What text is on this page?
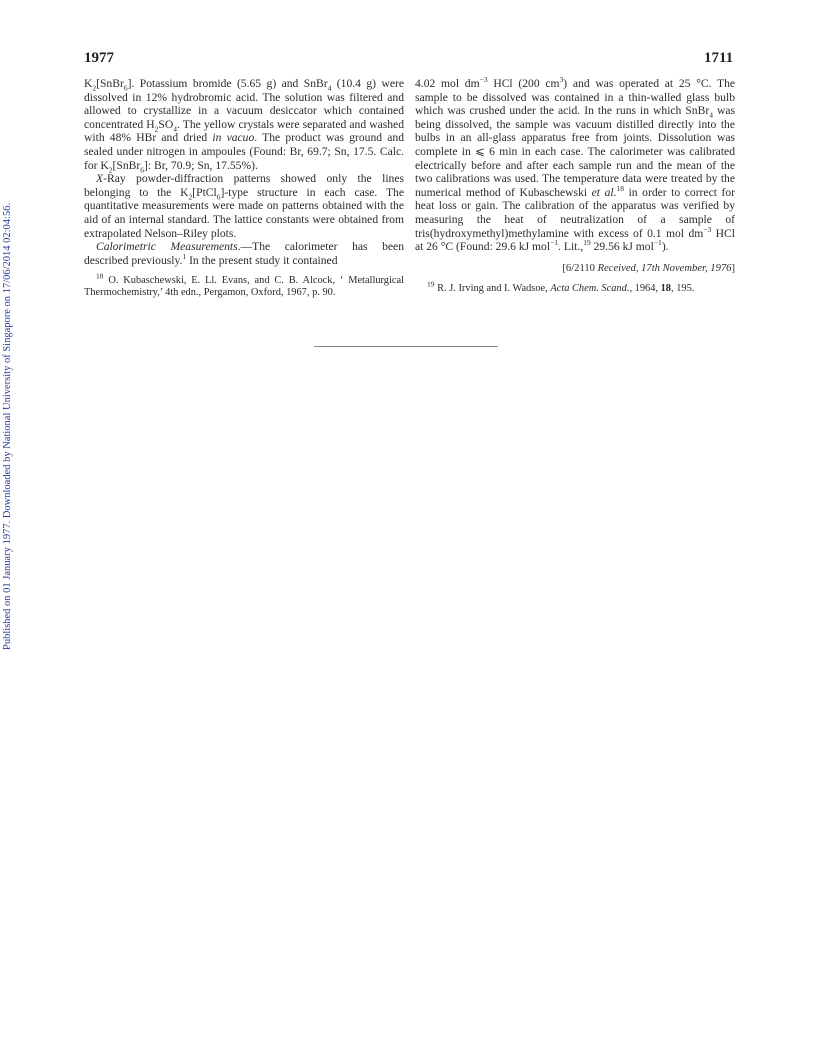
Published on 01 January 1977. Downloaded by National University of Singapore on 17/06/2014 02:04:56.
1977	1711

$K_2[SnBr_6]$. Potassium bromide (5.65 g) and SnBr$_4$ (10.4 g) were dissolved in 12% hydrobromic acid. The solution was filtered and allowed to crystallize in a vacuum desiccator which contained concentrated $H_2SO_4$. The yellow crystals were separated and washed with 48% HBr and dried in vacuo. The product was ground and sealed under nitrogen in ampoules (Found: Br, 69.7; Sn, 17.5. Calc. for $K_2[SnBr_6]$: Br, 70.9; Sn, 17.55%).

X-Ray powder-diffraction patterns showed only the lines belonging to the $K_2[PtCl_6]$-type structure in each case. The quantitative measurements were made on patterns obtained with the aid of an internal standard. The lattice constants were obtained from extrapolated Nelson–Riley plots.

Calorimetric Measurements.—The calorimeter has been described previously.$^1$ In the present study it contained

$^{18}$ O. Kubaschewski, E. Ll. Evans, and C. B. Alcock, ‘ Metallurgical Thermochemistry,’ 4th edn., Pergamon, Oxford, 1967, p. 90.

4.02 mol $dm^{-3}$ HCl (200 $cm^3$) and was operated at 25 °C. The sample to be dissolved was contained in a thin-walled glass bulb which was crushed under the acid. In the runs in which SnBr$_4$ was being dissolved, the sample was vacuum distilled directly into the bulbs in an all-glass apparatus free from joints. Dissolution was complete in ⩽ 6 min in each case. The calorimeter was calibrated electrically before and after each sample run and the mean of the two calibrations was used. The temperature data were treated by the numerical method of Kubaschewski et al.$^{18}$ in order to correct for heat loss or gain. The calibration of the apparatus was verified by measuring the heat of neutralization of a sample of tris(hydroxymethyl)methylamine with excess of 0.1 mol $dm^{-3}$ HCl at 26 °C (Found: 29.6 kJ mol$^{-1}$. Lit.,$^{19}$ 29.56 kJ mol$^{-1}$).

[6/2110 Received, 17th November, 1976]

$^{19}$ R. J. Irving and I. Wadsoe, Acta Chem. Scand., 1964, 18, 195.
